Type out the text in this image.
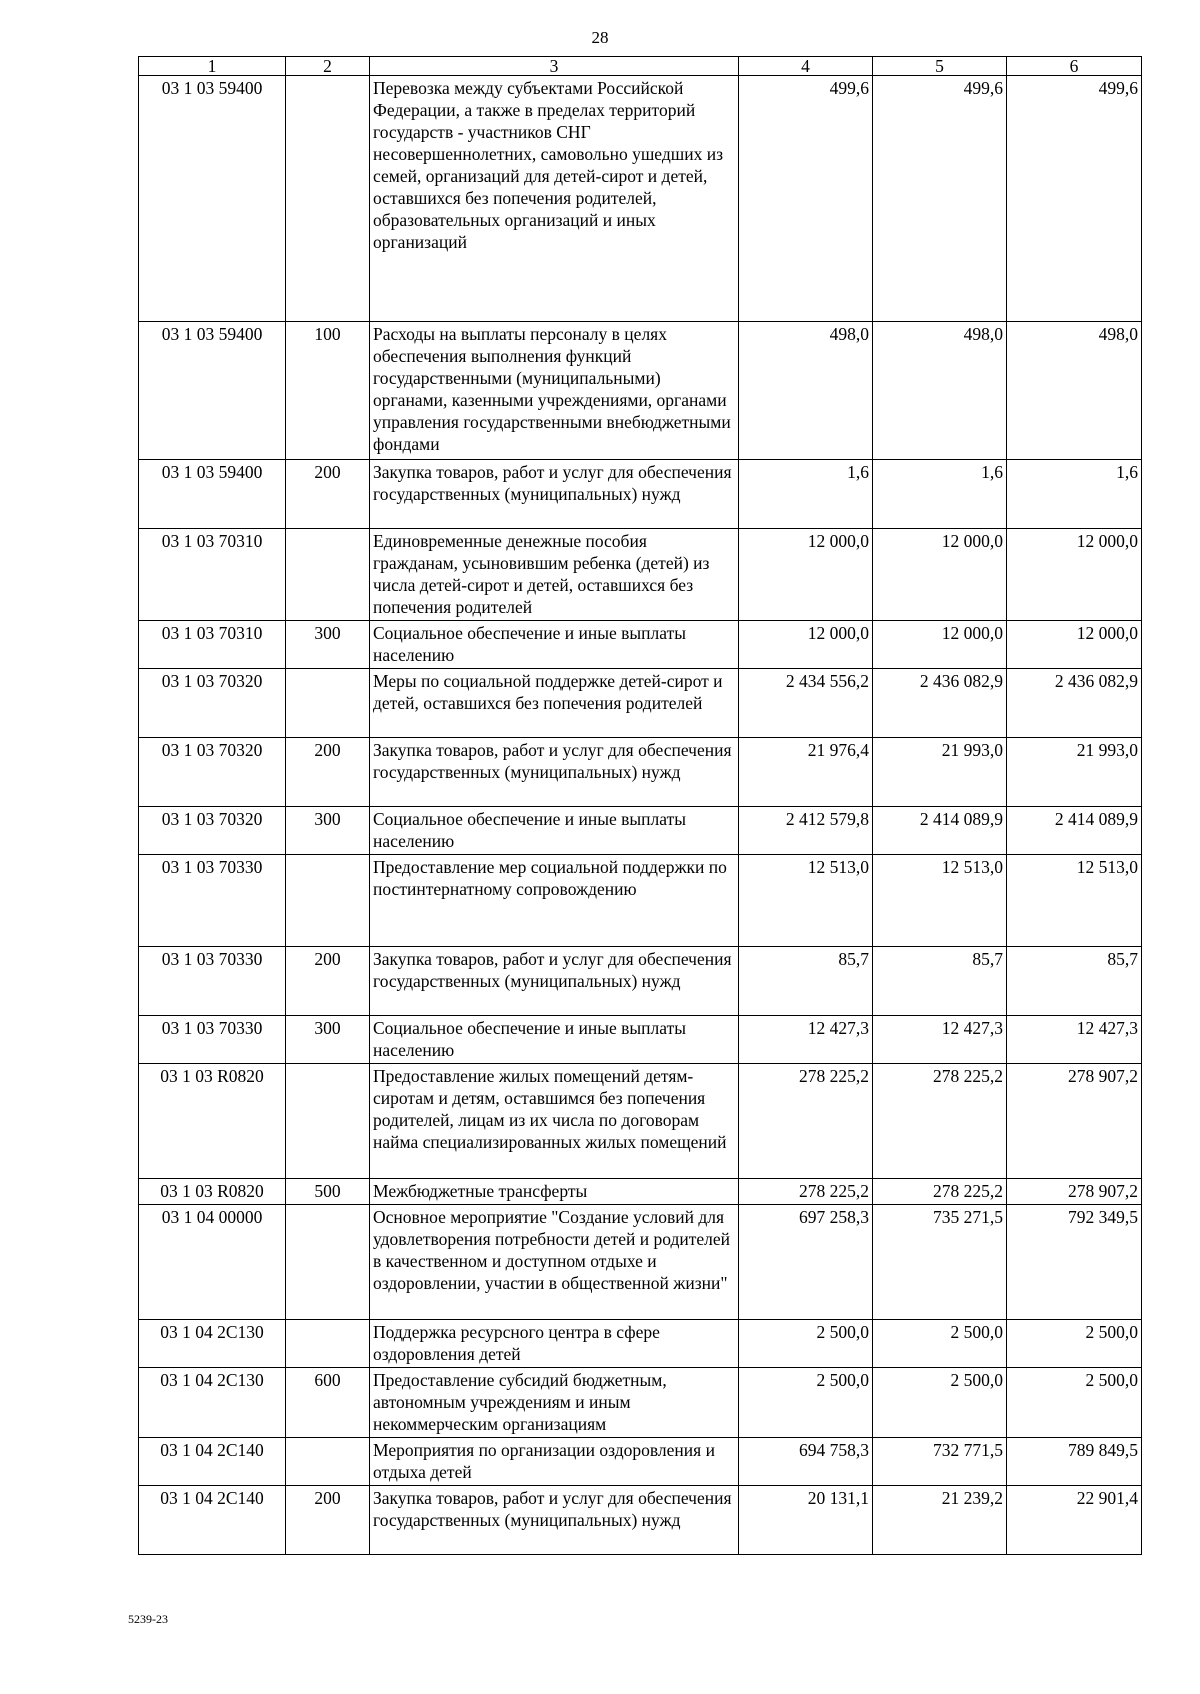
28
1	2	3	4	5	6
03 1 03 59400		Перевозка между субъектами Российской Федерации, а также в пределах территорий государств - участников СНГ несовершеннолетних, самовольно ушедших из семей, организаций для детей-сирот и детей, оставшихся без попечения родителей, образовательных организаций и иных организаций	499,6	499,6	499,6
03 1 03 59400	100	Расходы на выплаты персоналу в целях обеспечения выполнения функций государственными (муниципальными) органами, казенными учреждениями, органами управления государственными внебюджетными фондами	498,0	498,0	498,0
03 1 03 59400	200	Закупка товаров, работ и услуг для обеспечения государственных (муниципальных) нужд	1,6	1,6	1,6
03 1 03 70310		Единовременные денежные пособия гражданам, усыновившим ребенка (детей) из числа детей-сирот и детей, оставшихся без попечения родителей	12 000,0	12 000,0	12 000,0
03 1 03 70310	300	Социальное обеспечение и иные выплаты населению	12 000,0	12 000,0	12 000,0
03 1 03 70320		Меры по социальной поддержке детей-сирот и детей, оставшихся без попечения родителей	2 434 556,2	2 436 082,9	2 436 082,9
03 1 03 70320	200	Закупка товаров, работ и услуг для обеспечения государственных (муниципальных) нужд	21 976,4	21 993,0	21 993,0
03 1 03 70320	300	Социальное обеспечение и иные выплаты населению	2 412 579,8	2 414 089,9	2 414 089,9
03 1 03 70330		Предоставление мер социальной поддержки по постинтернатному сопровождению	12 513,0	12 513,0	12 513,0
03 1 03 70330	200	Закупка товаров, работ и услуг для обеспечения государственных (муниципальных) нужд	85,7	85,7	85,7
03 1 03 70330	300	Социальное обеспечение и иные выплаты населению	12 427,3	12 427,3	12 427,3
03 1 03 R0820		Предоставление жилых помещений детям-сиротам и детям, оставшимся без попечения родителей, лицам из их числа по договорам найма специализированных жилых помещений	278 225,2	278 225,2	278 907,2
03 1 03 R0820	500	Межбюджетные трансферты	278 225,2	278 225,2	278 907,2
03 1 04 00000		Основное мероприятие "Создание условий для удовлетворения потребности детей и родителей в качественном и доступном отдыхе и оздоровлении, участии в общественной жизни"	697 258,3	735 271,5	792 349,5
03 1 04 2С130		Поддержка ресурсного центра в сфере оздоровления детей	2 500,0	2 500,0	2 500,0
03 1 04 2С130	600	Предоставление субсидий бюджетным, автономным учреждениям и иным некоммерческим организациям	2 500,0	2 500,0	2 500,0
03 1 04 2С140		Мероприятия по организации оздоровления и отдыха детей	694 758,3	732 771,5	789 849,5
03 1 04 2С140	200	Закупка товаров, работ и услуг для обеспечения государственных (муниципальных) нужд	20 131,1	21 239,2	22 901,4
5239-23
